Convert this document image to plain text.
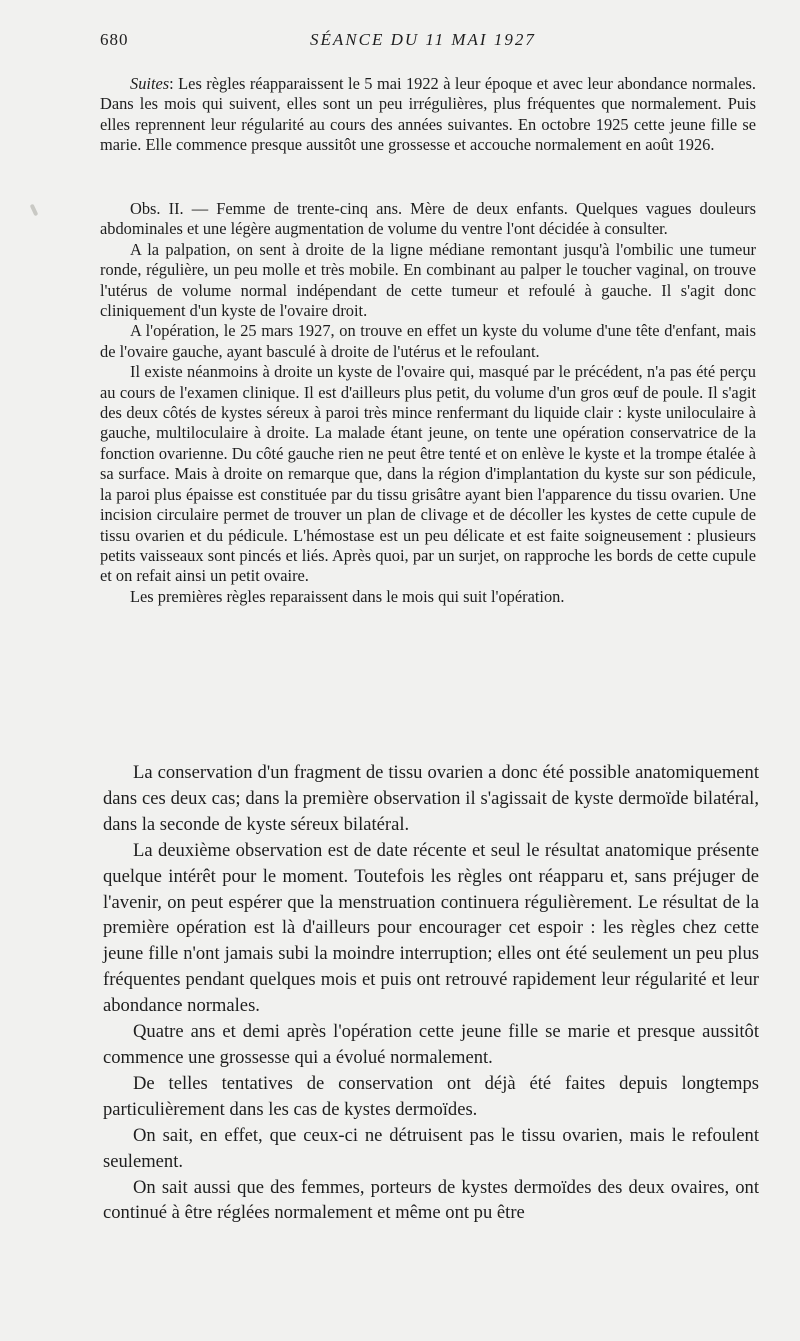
680	SÉANCE DU 11 MAI 1927

Suites: Les règles réapparaissent le 5 mai 1922 à leur époque et avec leur abondance normales. Dans les mois qui suivent, elles sont un peu irrégulières, plus fréquentes que normalement. Puis elles reprennent leur régularité au cours des années suivantes. En octobre 1925 cette jeune fille se marie. Elle commence presque aussitôt une grossesse et accouche normalement en août 1926.

Obs. II. — Femme de trente-cinq ans. Mère de deux enfants. Quelques vagues douleurs abdominales et une légère augmentation de volume du ventre l'ont décidée à consulter.

A la palpation, on sent à droite de la ligne médiane remontant jusqu'à l'ombilic une tumeur ronde, régulière, un peu molle et très mobile. En combinant au palper le toucher vaginal, on trouve l'utérus de volume normal indépendant de cette tumeur et refoulé à gauche. Il s'agit donc cliniquement d'un kyste de l'ovaire droit.

A l'opération, le 25 mars 1927, on trouve en effet un kyste du volume d'une tête d'enfant, mais de l'ovaire gauche, ayant basculé à droite de l'utérus et le refoulant.

Il existe néanmoins à droite un kyste de l'ovaire qui, masqué par le précédent, n'a pas été perçu au cours de l'examen clinique. Il est d'ailleurs plus petit, du volume d'un gros œuf de poule. Il s'agit des deux côtés de kystes séreux à paroi très mince renfermant du liquide clair : kyste uniloculaire à gauche, multiloculaire à droite. La malade étant jeune, on tente une opération conservatrice de la fonction ovarienne. Du côté gauche rien ne peut être tenté et on enlève le kyste et la trompe étalée à sa surface. Mais à droite on remarque que, dans la région d'implantation du kyste sur son pédicule, la paroi plus épaisse est constituée par du tissu grisâtre ayant bien l'apparence du tissu ovarien. Une incision circulaire permet de trouver un plan de clivage et de décoller les kystes de cette cupule de tissu ovarien et du pédicule. L'hémostase est un peu délicate et est faite soigneusement : plusieurs petits vaisseaux sont pincés et liés. Après quoi, par un surjet, on rapproche les bords de cette cupule et on refait ainsi un petit ovaire.

Les premières règles reparaissent dans le mois qui suit l'opération.

La conservation d'un fragment de tissu ovarien a donc été possible anatomiquement dans ces deux cas; dans la première observation il s'agissait de kyste dermoïde bilatéral, dans la seconde de kyste séreux bilatéral.

La deuxième observation est de date récente et seul le résultat anatomique présente quelque intérêt pour le moment. Toutefois les règles ont réapparu et, sans préjuger de l'avenir, on peut espérer que la menstruation continuera régulièrement. Le résultat de la première opération est là d'ailleurs pour encourager cet espoir : les règles chez cette jeune fille n'ont jamais subi la moindre interruption; elles ont été seulement un peu plus fréquentes pendant quelques mois et puis ont retrouvé rapidement leur régularité et leur abondance normales.

Quatre ans et demi après l'opération cette jeune fille se marie et presque aussitôt commence une grossesse qui a évolué normalement.

De telles tentatives de conservation ont déjà été faites depuis longtemps particulièrement dans les cas de kystes dermoïdes.

On sait, en effet, que ceux-ci ne détruisent pas le tissu ovarien, mais le refoulent seulement.

On sait aussi que des femmes, porteurs de kystes dermoïdes des deux ovaires, ont continué à être réglées normalement et même ont pu être
